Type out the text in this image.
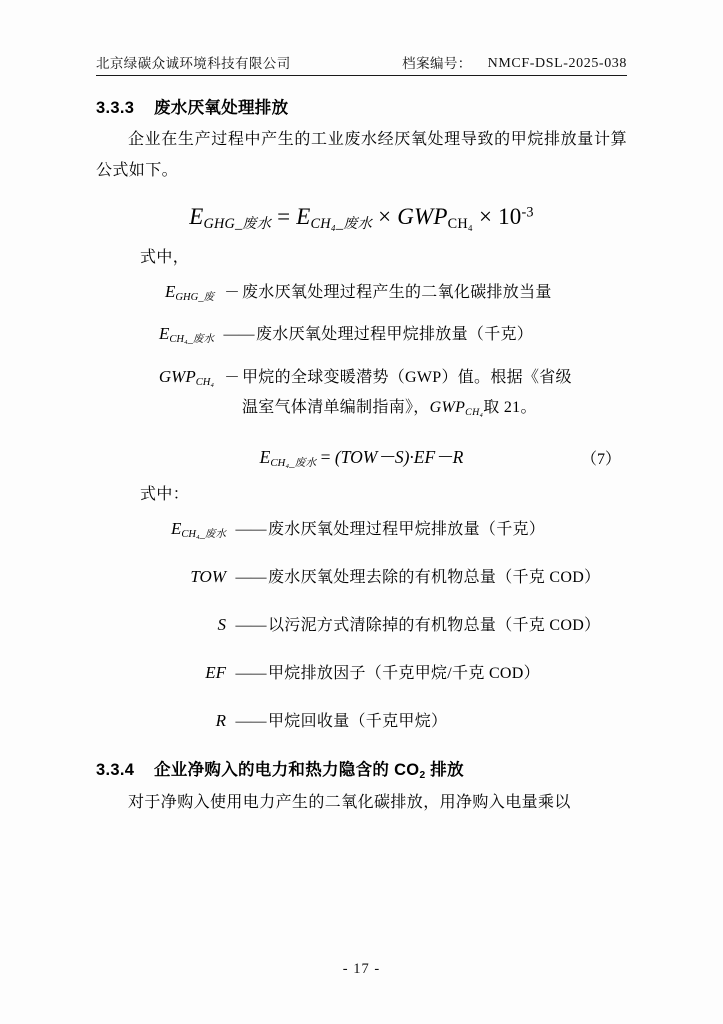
北京绿碳众诚环境科技有限公司	档案编号： NMCF-DSL-2025-038
3.3.3 废水厌氧处理排放

企业在生产过程中产生的工业废水经厌氧处理导致的甲烷排放量计算公式如下。

$E_{GHG\_废水} = E_{CH_4\_废水} \times GWP_{CH_4} \times 10^{-3}$
式中，
$E_{GHG\_废}$ － 废水厌氧处理过程产生的二氧化碳排放当量
$E_{CH_4\_废水}$ —— 废水厌氧处理过程甲烷排放量（千克）
$GWP_{CH_4}$ － 甲烷的全球变暖潜势（GWP）值。根据《省级
温室气体清单编制指南》，$GWP_{CH_4}$取 21。
$E_{CH_4\_废水} = (TOW-S)\cdot EF-R$	（7）
式中：
$E_{CH_4\_废水}$ —— 废水厌氧处理过程甲烷排放量（千克）
TOW —— 废水厌氧处理去除的有机物总量（千克 COD）
S —— 以污泥方式清除掉的有机物总量（千克 COD）
EF —— 甲烷排放因子（千克甲烷/千克 COD）
R —— 甲烷回收量（千克甲烷）
3.3.4 企业净购入的电力和热力隐含的 $CO_2$ 排放

对于净购入使用电力产生的二氧化碳排放，用净购入电量乘以

- 17 -
